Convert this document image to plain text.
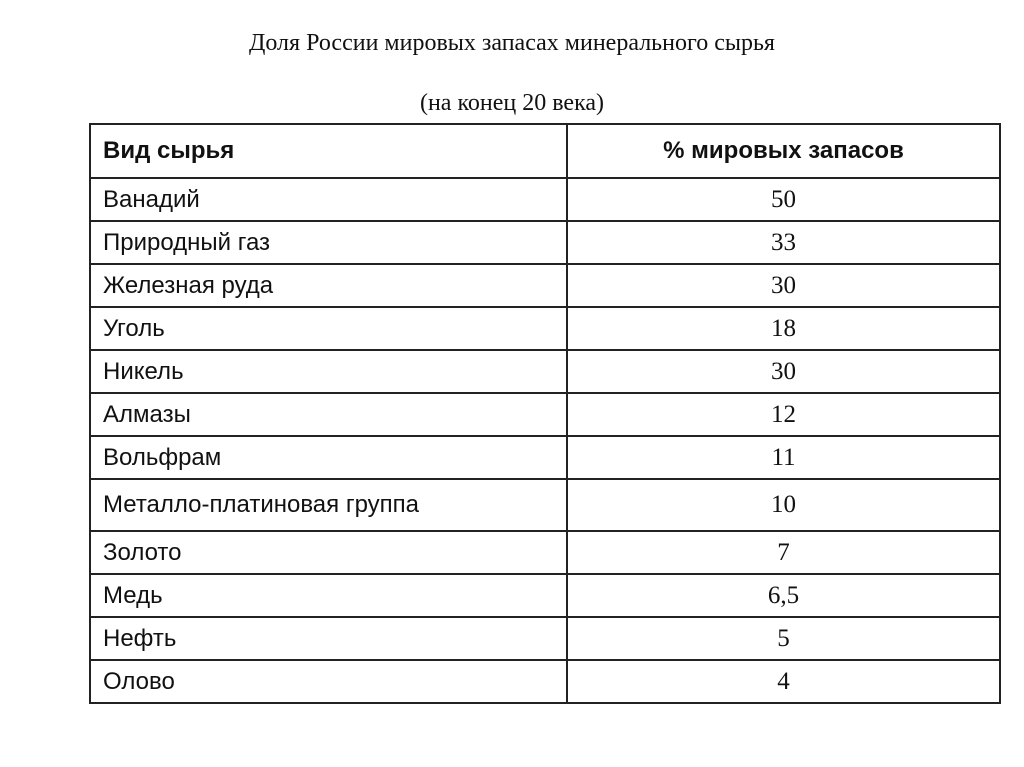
Доля России мировых запасах минерального сырья
(на конец 20 века)
Вид сырья	% мировых запасов
Ванадий	50
Природный газ	33
Железная руда	30
Уголь	18
Никель	30
Алмазы	12
Вольфрам	11
Металло-платиновая группа	10
Золото	7
Медь	6,5
Нефть	5
Олово	4
